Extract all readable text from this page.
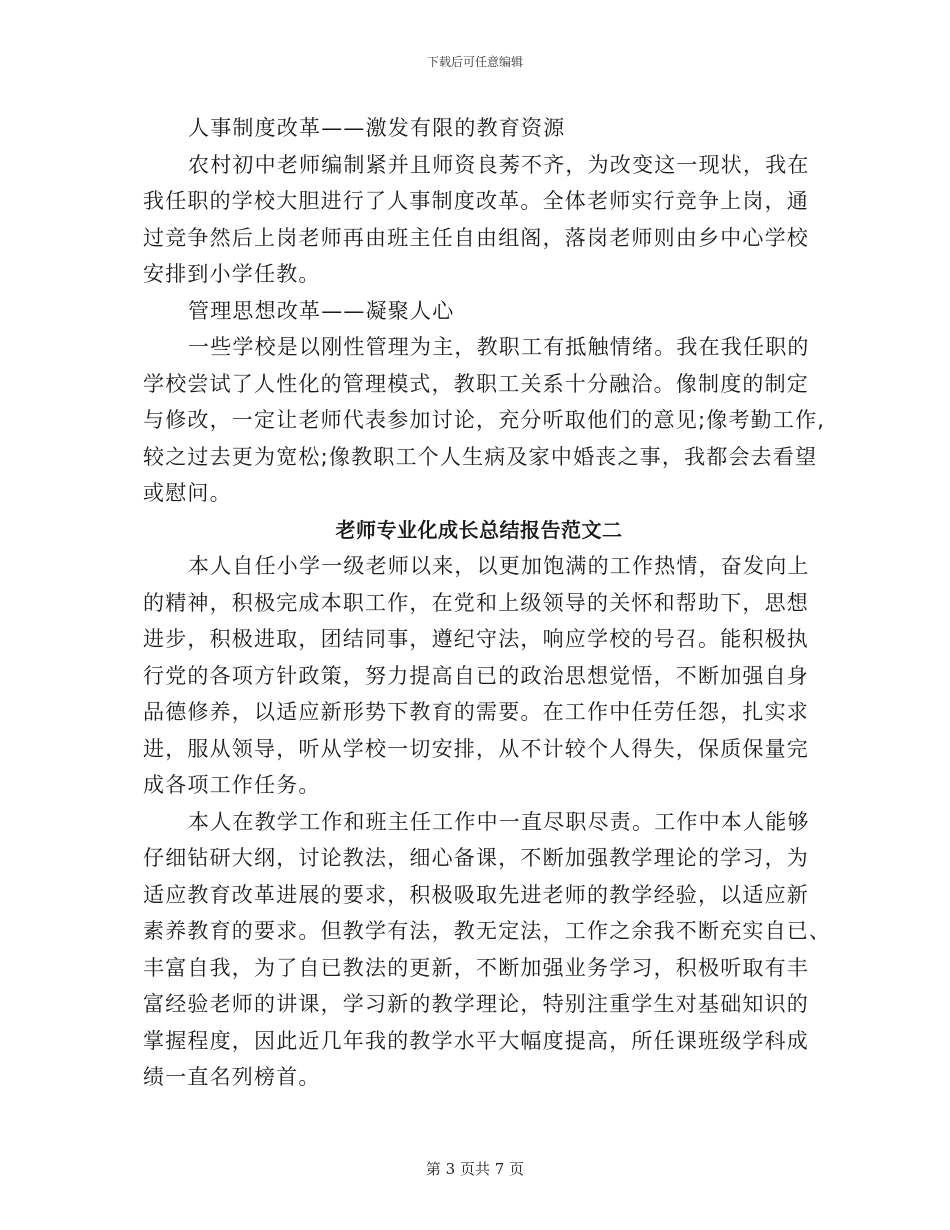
下载后可任意编辑
人事制度改革——激发有限的教育资源
农村初中老师编制紧并且师资良莠不齐，为改变这一现状，我在
我任职的学校大胆进行了人事制度改革。全体老师实行竞争上岗，通
过竞争然后上岗老师再由班主任自由组阁，落岗老师则由乡中心学校
安排到小学任教。
管理思想改革——凝聚人心
一些学校是以刚性管理为主，教职工有抵触情绪。我在我任职的
学校尝试了人性化的管理模式，教职工关系十分融洽。像制度的制定
与修改，一定让老师代表参加讨论，充分听取他们的意见;像考勤工作,
较之过去更为宽松;像教职工个人生病及家中婚丧之事，我都会去看望
或慰问。
老师专业化成长总结报告范文二
本人自任小学一级老师以来，以更加饱满的工作热情，奋发向上
的精神，积极完成本职工作，在党和上级领导的关怀和帮助下，思想
进步，积极进取，团结同事，遵纪守法，响应学校的号召。能积极执
行党的各项方针政策，努力提高自已的政治思想觉悟，不断加强自身
品德修养，以适应新形势下教育的需要。在工作中任劳任怨，扎实求
进，服从领导，听从学校一切安排，从不计较个人得失，保质保量完
成各项工作任务。
本人在教学工作和班主任工作中一直尽职尽责。工作中本人能够
仔细钻研大纲，讨论教法，细心备课，不断加强教学理论的学习，为
适应教育改革进展的要求，积极吸取先进老师的教学经验，以适应新
素养教育的要求。但教学有法，教无定法，工作之余我不断充实自已、
丰富自我，为了自已教法的更新，不断加强业务学习，积极听取有丰
富经验老师的讲课，学习新的教学理论，特别注重学生对基础知识的
掌握程度，因此近几年我的教学水平大幅度提高，所任课班级学科成
绩一直名列榜首。
第 3 页共 7 页
